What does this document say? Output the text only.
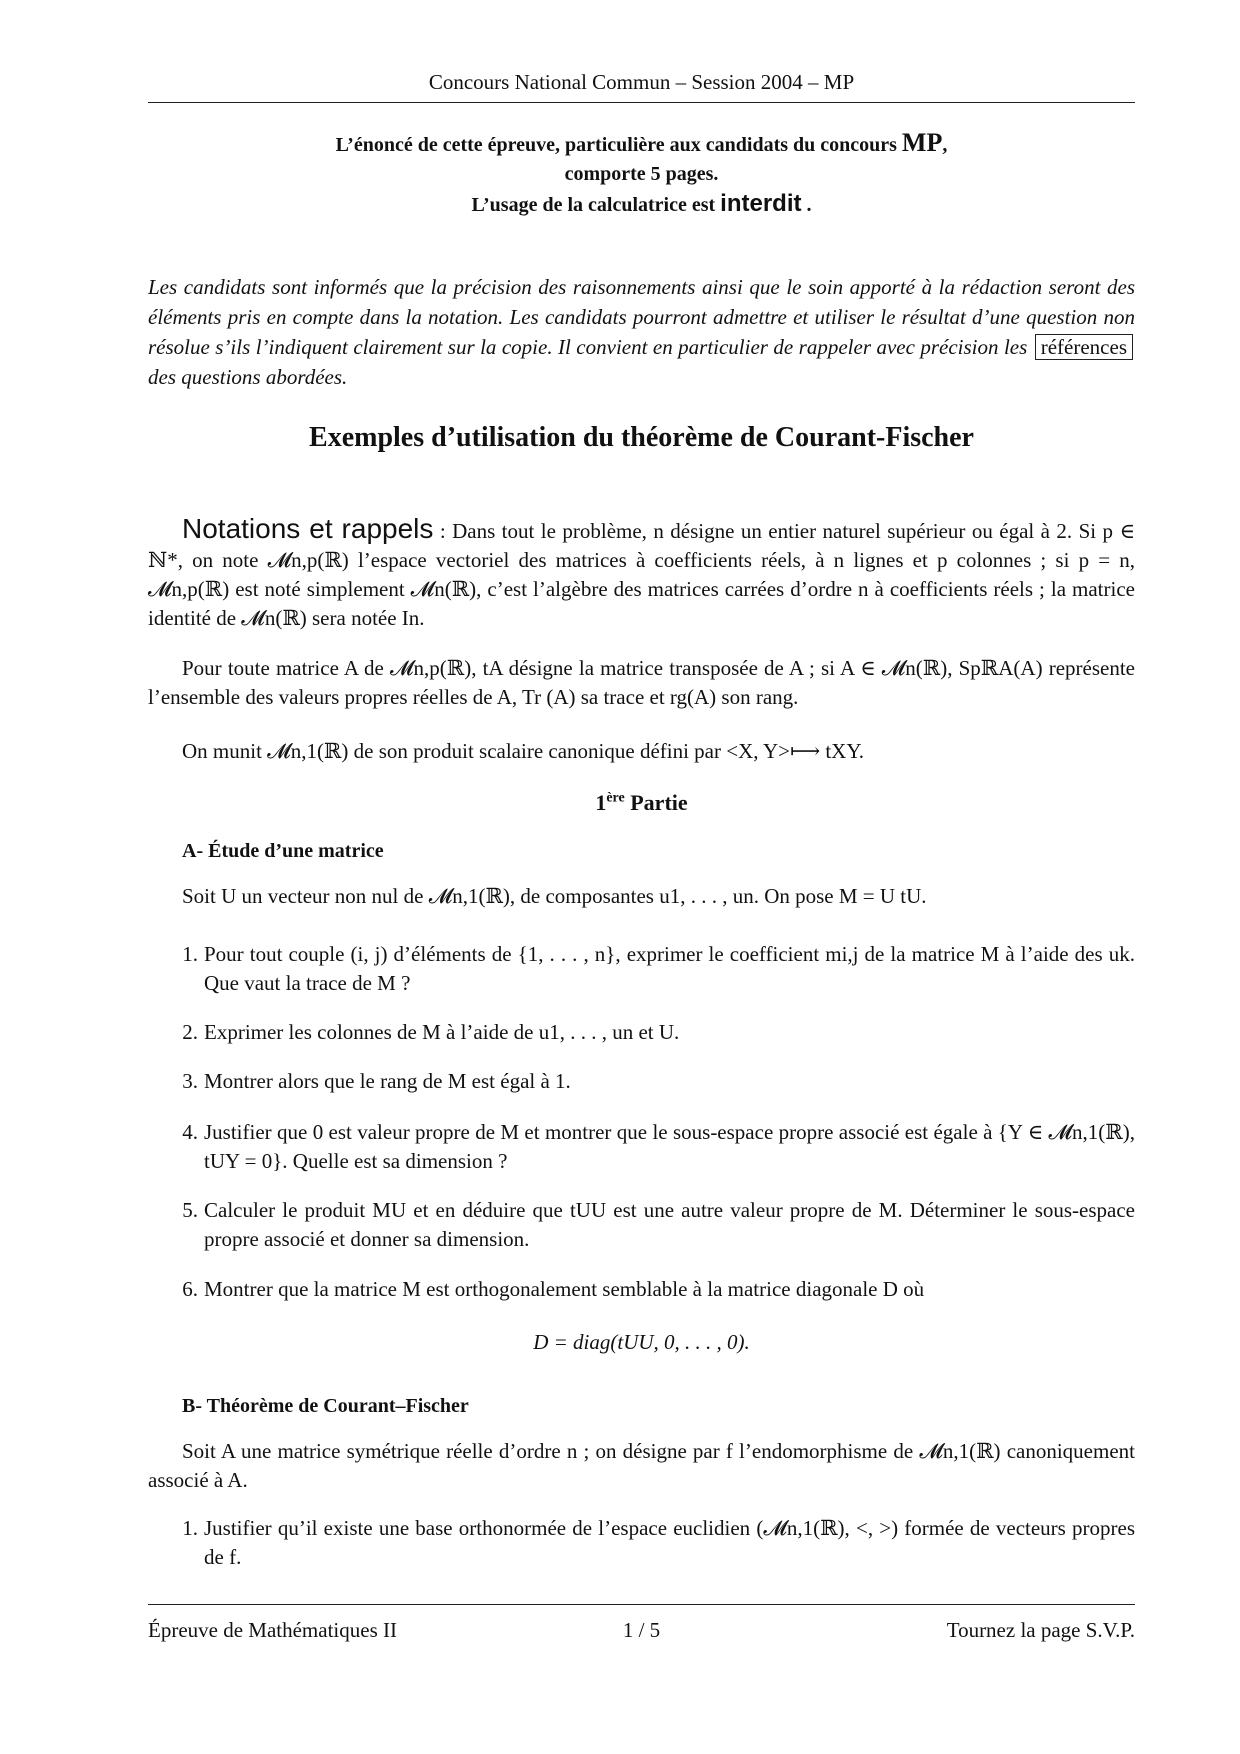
Concours National Commun – Session 2004 – MP
L’énoncé de cette épreuve, particulière aux candidats du concours MP,
comporte 5 pages.
L’usage de la calculatrice est interdit .
Les candidats sont informés que la précision des raisonnements ainsi que le soin apporté à la rédaction seront des éléments pris en compte dans la notation. Les candidats pourront admettre et utiliser le résultat d’une question non résolue s’ils l’indiquent clairement sur la copie. Il convient en particulier de rappeler avec précision les références des questions abordées.
Exemples d’utilisation du théorème de Courant-Fischer
Notations et rappels : Dans tout le problème, n désigne un entier naturel supérieur ou égal à 2. Si p ∈ ℕ*, on note 𝓜n,p(ℝ) l’espace vectoriel des matrices à coefficients réels, à n lignes et p colonnes ; si p = n, 𝓜n,p(ℝ) est noté simplement 𝓜n(ℝ), c’est l’algèbre des matrices carrées d’ordre n à coefficients réels ; la matrice identité de 𝓜n(ℝ) sera notée In.
Pour toute matrice A de 𝓜n,p(ℝ), tA désigne la matrice transposée de A ; si A ∈ 𝓜n(ℝ), SpℝA(A) représente l’ensemble des valeurs propres réelles de A, Tr (A) sa trace et rg(A) son rang.
On munit 𝓜n,1(ℝ) de son produit scalaire canonique défini par <X, Y>⟼ tXY.
1ère Partie
A- Étude d’une matrice
Soit U un vecteur non nul de 𝓜n,1(ℝ), de composantes u1, . . . , un. On pose M = U tU.
1. Pour tout couple (i, j) d’éléments de {1, . . . , n}, exprimer le coefficient mi,j de la matrice M à l’aide des uk. Que vaut la trace de M ?
2. Exprimer les colonnes de M à l’aide de u1, . . . , un et U.
3. Montrer alors que le rang de M est égal à 1.
4. Justifier que 0 est valeur propre de M et montrer que le sous-espace propre associé est égale à {Y ∈ 𝓜n,1(ℝ), tUY = 0}. Quelle est sa dimension ?
5. Calculer le produit MU et en déduire que tUU est une autre valeur propre de M. Déterminer le sous-espace propre associé et donner sa dimension.
6. Montrer que la matrice M est orthogonalement semblable à la matrice diagonale D où
D = diag(tUU, 0, . . . , 0).
B- Théorème de Courant–Fischer
Soit A une matrice symétrique réelle d’ordre n ; on désigne par f l’endomorphisme de 𝓜n,1(ℝ) canoniquement associé à A.
1. Justifier qu’il existe une base orthonormée de l’espace euclidien (𝓜n,1(ℝ), <, >) formée de vecteurs propres de f.
Épreuve de Mathématiques II	1 / 5	Tournez la page S.V.P.
